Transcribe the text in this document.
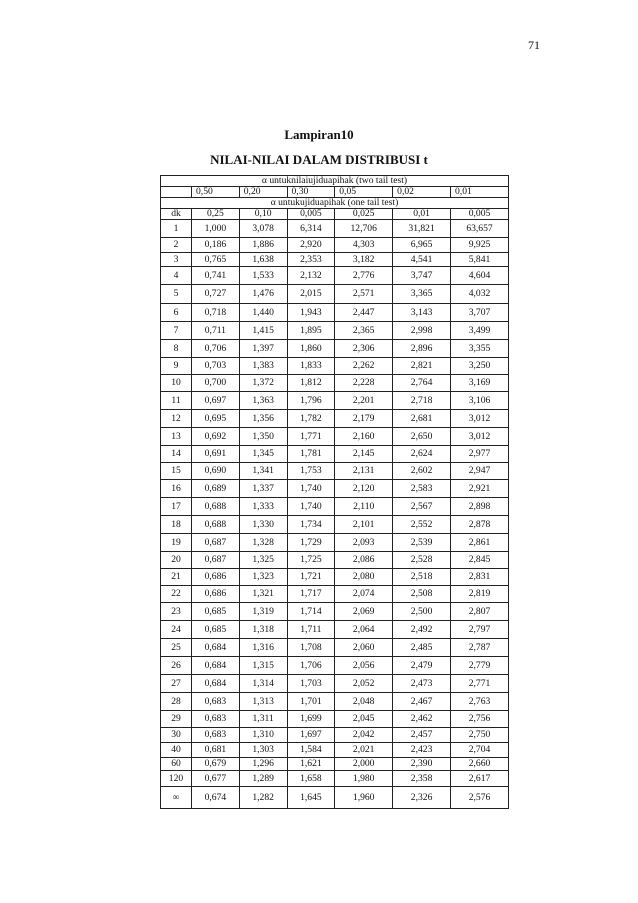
71
Lampiran10
NILAI-NILAI DALAM DISTRIBUSI t
α untuknilaiujiduapihak (two tail test)						
	0,50	0,20	0,30	0,05	0,02	0,01
α untukujiduapihak (one tail test)						
dk	0,25	0,10	0,005	0,025	0,01	0,005
1	1,000	3,078	6,314	12,706	31,821	63,657
2	0,186	1,886	2,920	4,303	6,965	9,925
3	0,765	1,638	2,353	3,182	4,541	5,841
4	0,741	1,533	2,132	2,776	3,747	4,604
5	0,727	1,476	2,015	2,571	3,365	4,032
6	0,718	1,440	1,943	2,447	3,143	3,707
7	0,711	1,415	1,895	2,365	2,998	3,499
8	0,706	1,397	1,860	2,306	2,896	3,355
9	0,703	1,383	1,833	2,262	2,821	3,250
10	0,700	1,372	1,812	2,228	2,764	3,169
11	0,697	1,363	1,796	2,201	2,718	3,106
12	0,695	1,356	1,782	2,179	2,681	3,012
13	0,692	1,350	1,771	2,160	2,650	3,012
14	0,691	1,345	1,781	2,145	2,624	2,977
15	0,690	1,341	1,753	2,131	2,602	2,947
16	0,689	1,337	1,740	2,120	2,583	2,921
17	0,688	1,333	1,740	2,110	2,567	2,898
18	0,688	1,330	1,734	2,101	2,552	2,878
19	0,687	1,328	1,729	2,093	2,539	2,861
20	0,687	1,325	1,725	2,086	2,528	2,845
21	0,686	1,323	1,721	2,080	2,518	2,831
22	0,686	1,321	1,717	2,074	2,508	2,819
23	0,685	1,319	1,714	2,069	2,500	2,807
24	0,685	1,318	1,711	2,064	2,492	2,797
25	0,684	1,316	1,708	2,060	2,485	2,787
26	0,684	1,315	1,706	2,056	2,479	2,779
27	0,684	1,314	1,703	2,052	2,473	2,771
28	0,683	1,313	1,701	2,048	2,467	2,763
29	0,683	1,311	1,699	2,045	2,462	2,756
30	0,683	1,310	1,697	2,042	2,457	2,750
40	0,681	1,303	1,584	2,021	2,423	2,704
60	0,679	1,296	1,621	2,000	2,390	2,660
120	0,677	1,289	1,658	1,980	2,358	2,617
∞	0,674	1,282	1,645	1,960	2,326	2,576
